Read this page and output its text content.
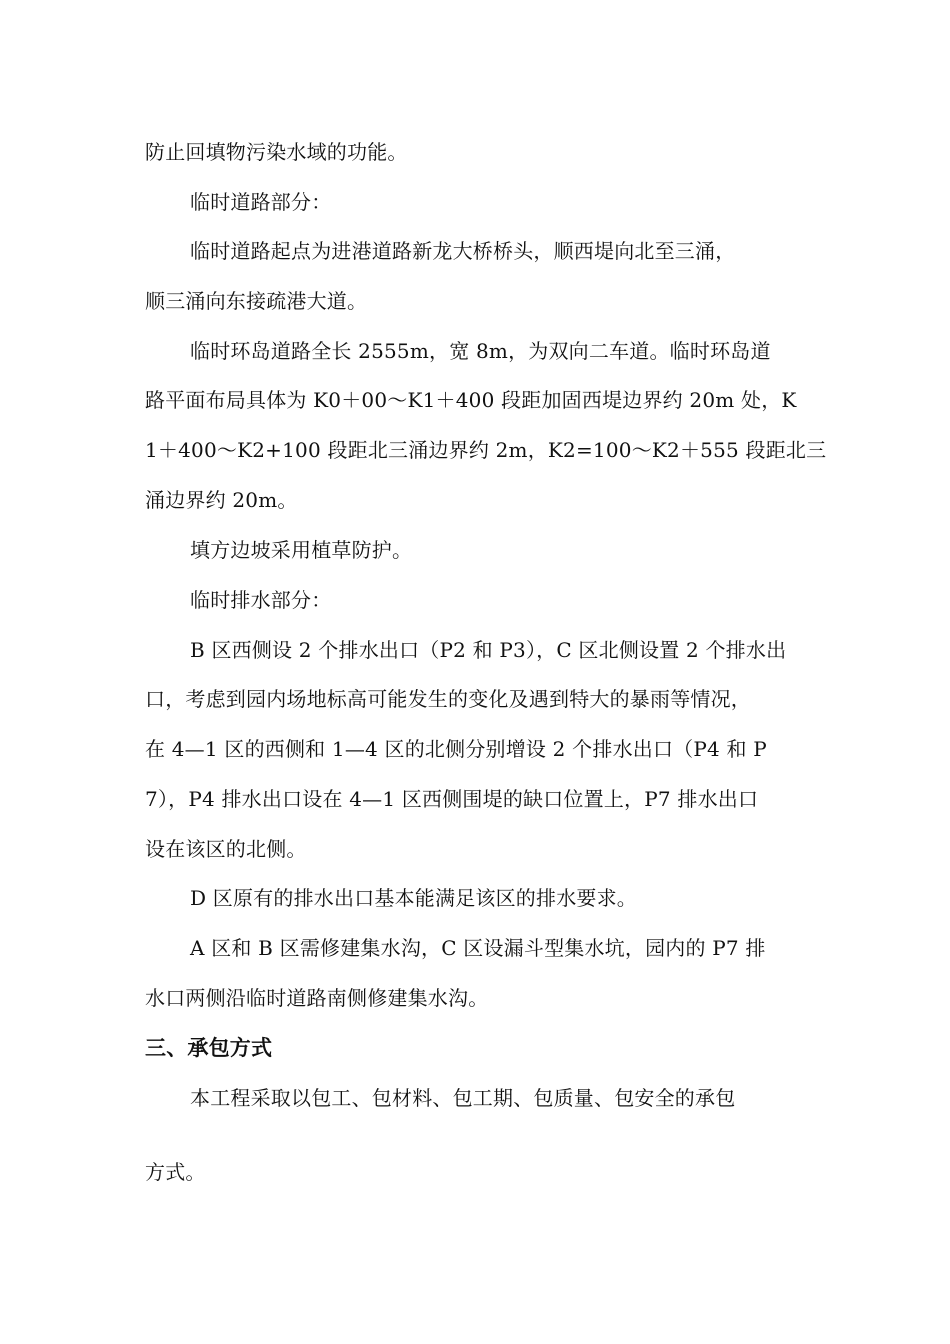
防止回填物污染水域的功能。
临时道路部分：
临时道路起点为进港道路新龙大桥桥头，顺西堤向北至三涌，
顺三涌向东接疏港大道。
临时环岛道路全长 2555m，宽 8m，为双向二车道。临时环岛道
路平面布局具体为 K0＋00～K1＋400 段距加固西堤边界约 20m 处，K
1＋400～K2+100 段距北三涌边界约 2m，K2=100～K2＋555 段距北三
涌边界约 20m。
填方边坡采用植草防护。
临时排水部分：
B 区西侧设 2 个排水出口（P2 和 P3），C 区北侧设置 2 个排水出
口，考虑到园内场地标高可能发生的变化及遇到特大的暴雨等情况，
在 4—1 区的西侧和 1—4 区的北侧分别增设 2 个排水出口（P4 和 P
7），P4 排水出口设在 4—1 区西侧围堤的缺口位置上，P7 排水出口
设在该区的北侧。
D 区原有的排水出口基本能满足该区的排水要求。
A 区和 B 区需修建集水沟，C 区设漏斗型集水坑，园内的 P7 排
水口两侧沿临时道路南侧修建集水沟。
三、承包方式
本工程采取以包工、包材料、包工期、包质量、包安全的承包
方式。
